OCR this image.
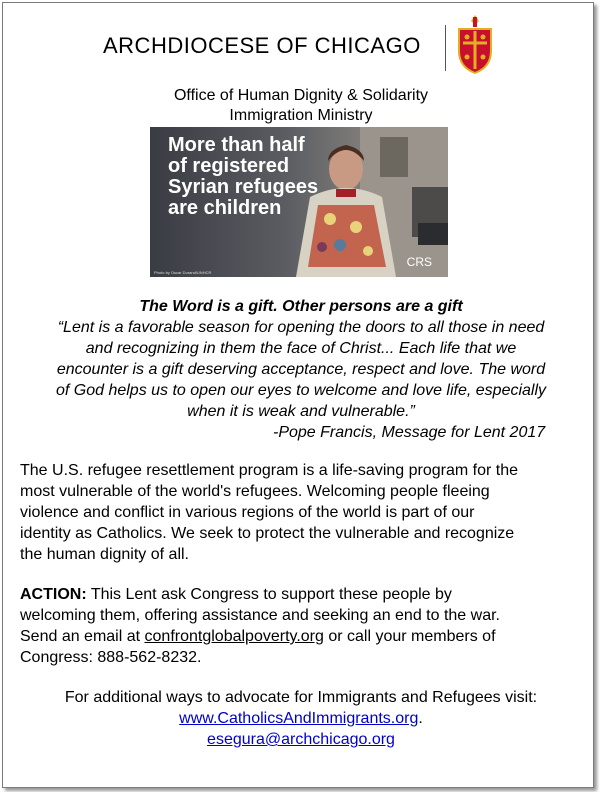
ARCHDIOCESE OF CHICAGO
Office of Human Dignity & Solidarity
Immigration Ministry
More than half
of registered
Syrian refugees
are children
Photo by Oscar Durand/UNHCR
CRS
The Word is a gift. Other persons are a gift
“Lent is a favorable season for opening the doors to all those in need
and recognizing in them the face of Christ... Each life that we
encounter is a gift deserving acceptance, respect and love. The word
of God helps us to open our eyes to welcome and love life, especially
when it is weak and vulnerable.”
-Pope Francis, Message for Lent 2017
The U.S. refugee resettlement program is a life-saving program for the
most vulnerable of the world's refugees. Welcoming people fleeing
violence and conflict in various regions of the world is part of our
identity as Catholics. We seek to protect the vulnerable and recognize
the human dignity of all.
ACTION: This Lent ask Congress to support these people by
welcoming them, offering assistance and seeking an end to the war.
Send an email at confrontglobalpoverty.org or call your members of
Congress: 888-562-8232.
For additional ways to advocate for Immigrants and Refugees visit:
www.CatholicsAndImmigrants.org.
esegura@archchicago.org
